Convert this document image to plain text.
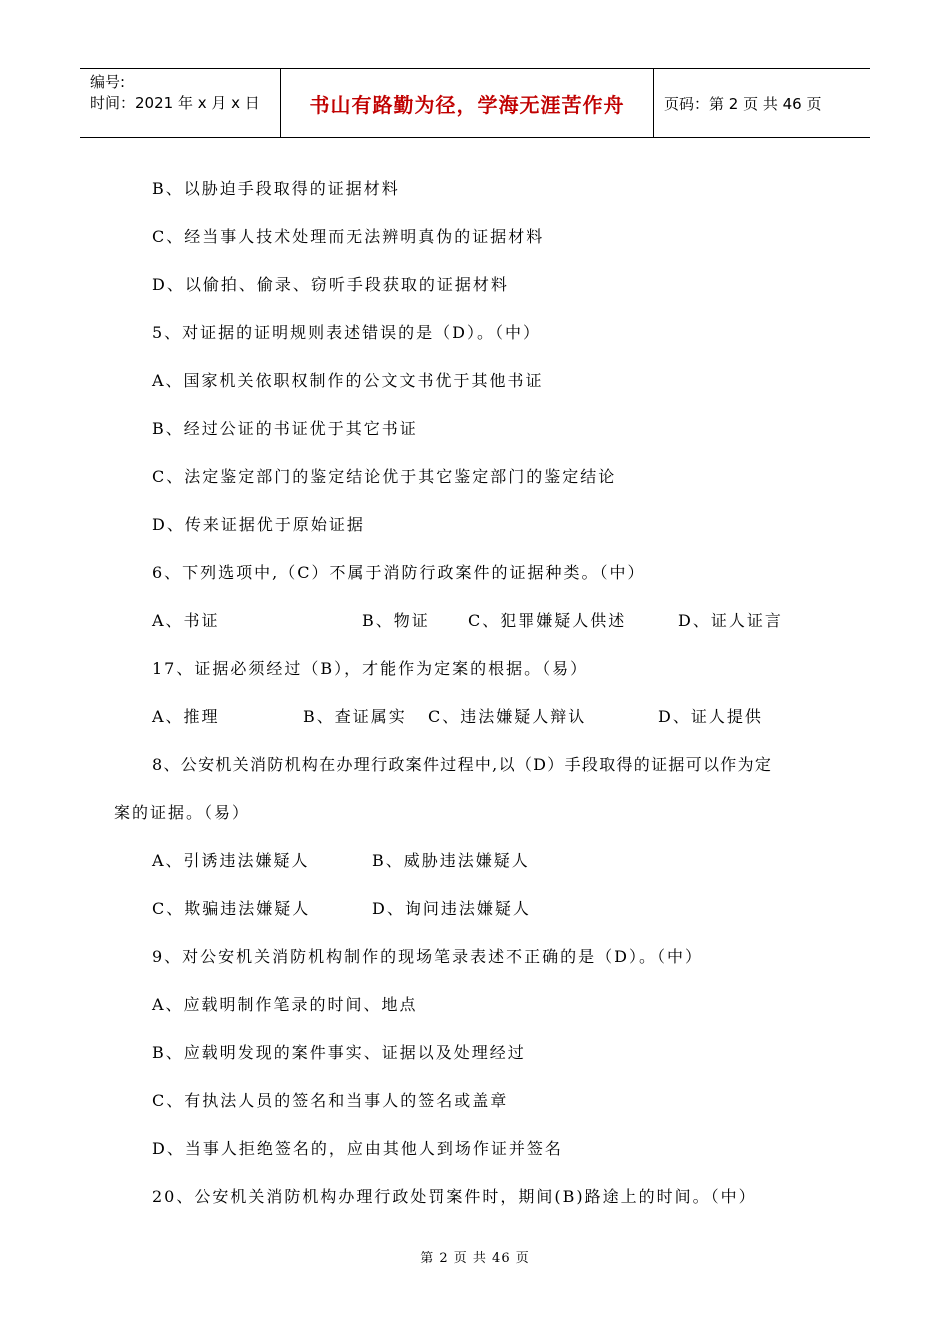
编号:
时间：2021 年 x 月 x 日	书山有路勤为径，学海无涯苦作舟	页码：第 2 页 共 46 页
B、以胁迫手段取得的证据材料
C、经当事人技术处理而无法辨明真伪的证据材料
D、以偷拍、偷录、窃听手段获取的证据材料
5、对证据的证明规则表述错误的是（D）。（中）
A、国家机关依职权制作的公文文书优于其他书证
B、经过公证的书证优于其它书证
C、法定鉴定部门的鉴定结论优于其它鉴定部门的鉴定结论
D、传来证据优于原始证据
6、下列选项中,（C）不属于消防行政案件的证据种类。（中）
A、书证	B、物证 C、犯罪嫌疑人供述	D、证人证言
17、证据必须经过（B），才能作为定案的根据。（易）
A、推理	B、查证属实 C、违法嫌疑人辩认	D、证人提供
8、公安机关消防机构在办理行政案件过程中,以（D）手段取得的证据可以作为定
案的证据。（易）
A、引诱违法嫌疑人	B、威胁违法嫌疑人
C、欺骗违法嫌疑人	D、询问违法嫌疑人
9、对公安机关消防机构制作的现场笔录表述不正确的是（D）。（中）
A、应载明制作笔录的时间、地点
B、应载明发现的案件事实、证据以及处理经过
C、有执法人员的签名和当事人的签名或盖章
D、当事人拒绝签名的，应由其他人到场作证并签名
20、公安机关消防机构办理行政处罚案件时，期间(B)路途上的时间。（中）
第 2 页 共 46 页
